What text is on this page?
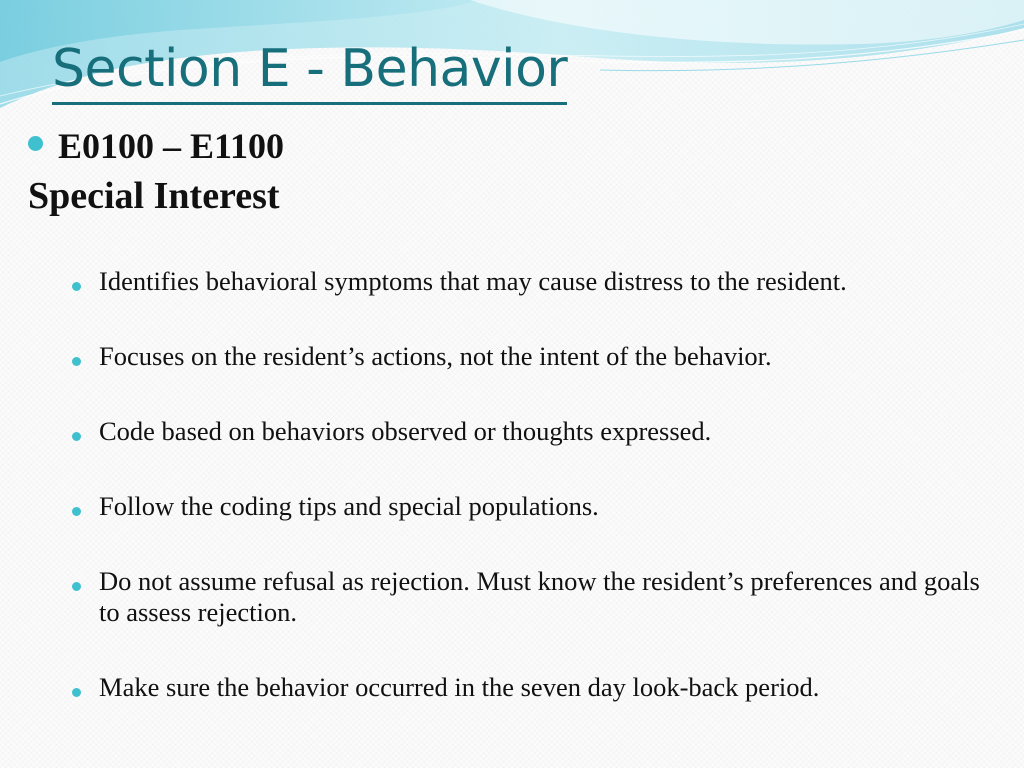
Section E - Behavior
E0100 – E1100
Special Interest
Identifies behavioral symptoms that may cause distress to the resident.
Focuses on the resident’s actions, not the intent of the behavior.
Code based on behaviors observed or thoughts expressed.
Follow the coding tips and special populations.
Do not assume refusal as rejection. Must know the resident’s preferences and goals to assess rejection.
Make sure the behavior occurred in the seven day look-back period.
